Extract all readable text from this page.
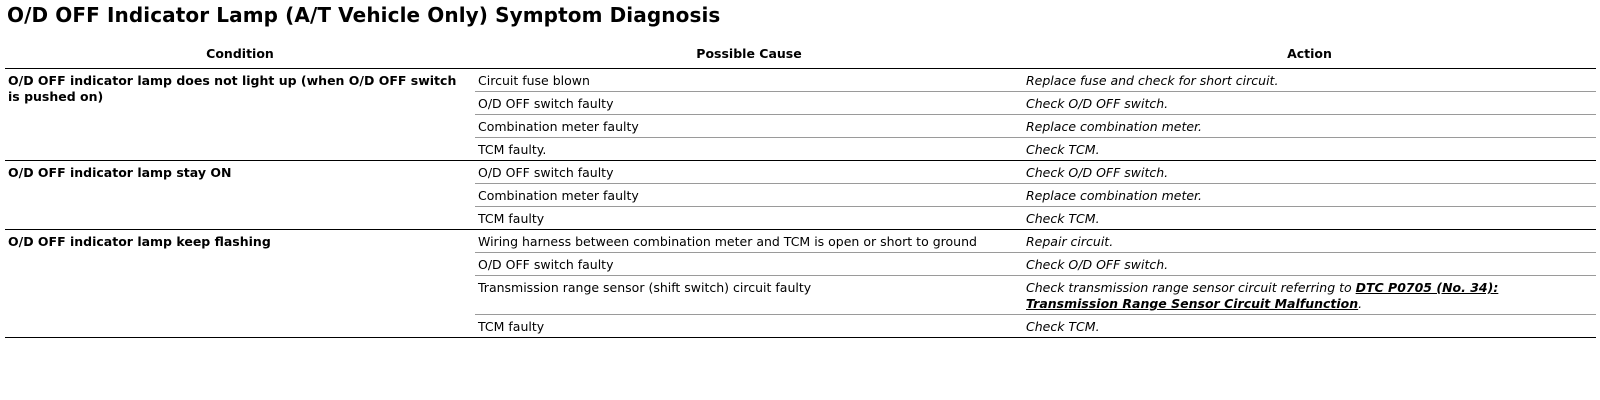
O/D OFF Indicator Lamp (A/T Vehicle Only) Symptom Diagnosis
Condition	Possible Cause	Action
O/D OFF indicator lamp does not light up (when O/D OFF switch is pushed on)	Circuit fuse blown	Replace fuse and check for short circuit.
	O/D OFF switch faulty	Check O/D OFF switch.
	Combination meter faulty	Replace combination meter.
	TCM faulty.	Check TCM.
O/D OFF indicator lamp stay ON	O/D OFF switch faulty	Check O/D OFF switch.
	Combination meter faulty	Replace combination meter.
	TCM faulty	Check TCM.
O/D OFF indicator lamp keep flashing	Wiring harness between combination meter and TCM is open or short to ground	Repair circuit.
	O/D OFF switch faulty	Check O/D OFF switch.
	Transmission range sensor (shift switch) circuit faulty	Check transmission range sensor circuit referring to DTC P0705 (No. 34): Transmission Range Sensor Circuit Malfunction.
	TCM faulty	Check TCM.
